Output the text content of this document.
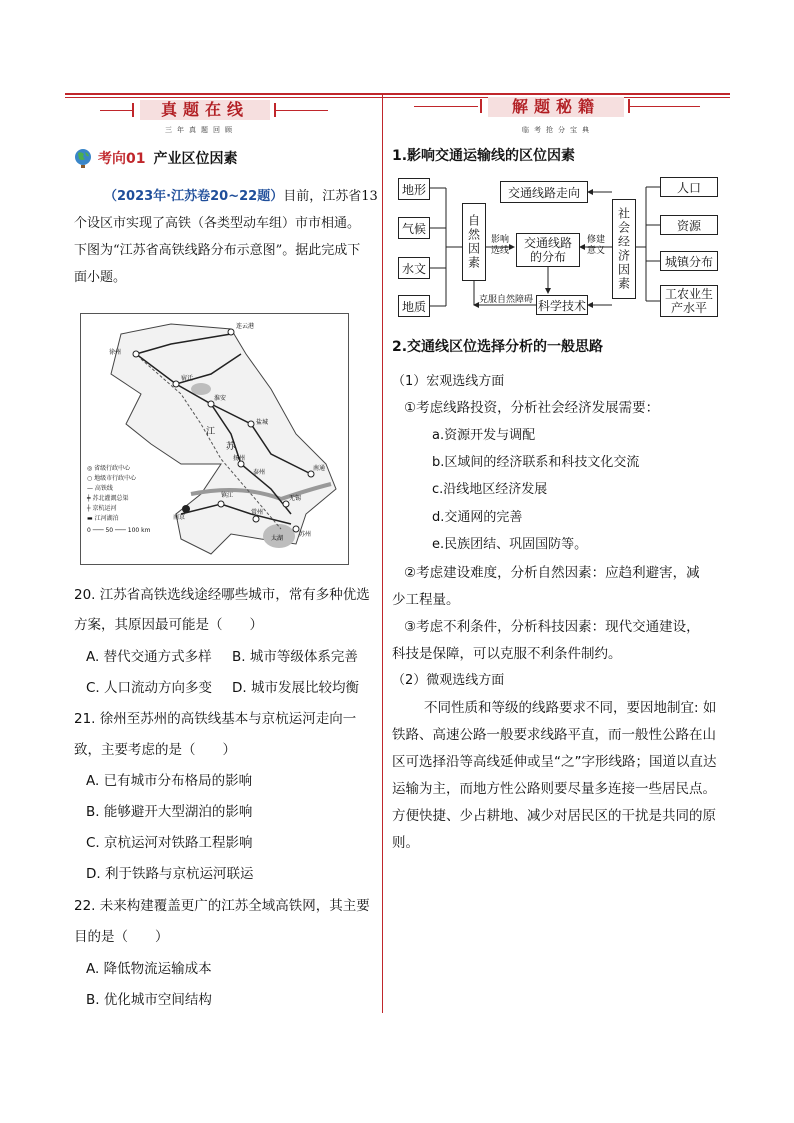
真题在线
三年真题回顾
解题秘籍
临考抢分宝典
考向01 产业区位因素
（2023年·江苏卷20~22题）目前，江苏省13
个设区市实现了高铁（各类型动车组）市市相通。
下图为“江苏省高铁线路分布示意图”。据此完成下
面小题。
连云港
宿迁
徐州
淮安
盐城
扬州
泰州
南通
镇江
南京
常州
无锡
苏州
太湖
江
苏
◎ 省级行政中心
○ 地级市行政中心
— 高铁线
╪ 苏北灌溉总渠
┼ 京杭运河
▬ 江河湖泊
0 ─── 50 ─── 100 km
20. 江苏省高铁选线途经哪些城市，常有多种优选
方案，其原因最可能是（　　）
A. 替代交通方式多样 B. 城市等级体系完善
C. 人口流动方向多变 D. 城市发展比较均衡
21. 徐州至苏州的高铁线基本与京杭运河走向一
致，主要考虑的是（　　）
A. 已有城市分布格局的影响
B. 能够避开大型湖泊的影响
C. 京杭运河对铁路工程影响
D. 利于铁路与京杭运河联运
22. 未来构建覆盖更广的江苏全域高铁网，其主要
目的是（　　）
A. 降低物流运输成本
B. 优化城市空间结构
1.影响交通运输线的区位因素
地形
气候
水文
地质
自然因素
交通线路走向
交通线路的分布
科学技术
影响选线
修建意义
克服自然障碍
社会经济因素
人口
资源
城镇分布
工农业生产水平
2.交通线区位选择分析的一般思路
（1）宏观选线方面
①考虑线路投资，分析社会经济发展需要：
a.资源开发与调配
b.区域间的经济联系和科技文化交流
c.沿线地区经济发展
d.交通网的完善
e.民族团结、巩固国防等。
②考虑建设难度，分析自然因素：应趋利避害，减
少工程量。
③考虑不利条件，分析科技因素：现代交通建设，
科技是保障，可以克服不利条件制约。
（2）微观选线方面
不同性质和等级的线路要求不同，要因地制宜: 如
铁路、高速公路一般要求线路平直，而一般性公路在山
区可选择沿等高线延伸或呈“之”字形线路；国道以直达
运输为主，而地方性公路则要尽量多连接一些居民点。
方便快捷、少占耕地、减少对居民区的干扰是共同的原
则。
